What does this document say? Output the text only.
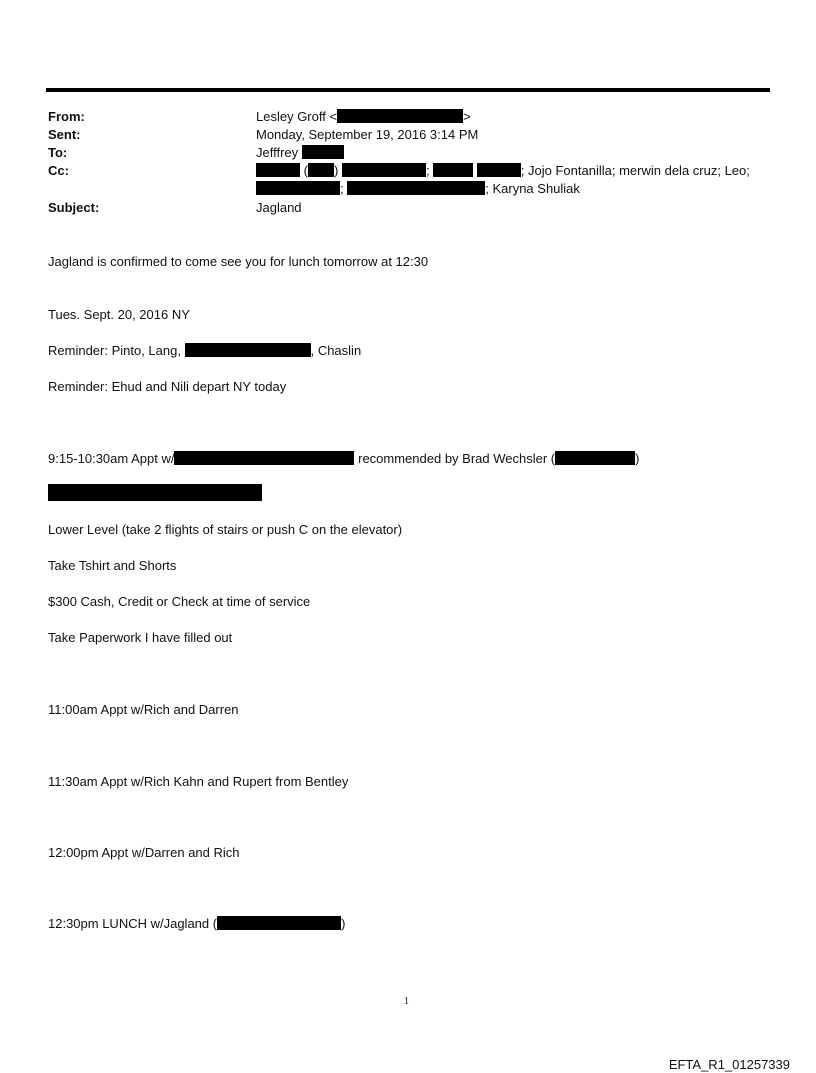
From:	Lesley Groff <	>
Sent:	Monday, September 19, 2016 3:14 PM
To:	Jefffrey
Cc:	( )	;	; Jojo Fontanilla; merwin dela cruz; Leo;
;	; Karyna Shuliak
Subject:	Jagland
Jagland is confirmed to come see you for lunch tomorrow at 12:30
Tues. Sept. 20, 2016 NY
Reminder: Pinto, Lang,	, Chaslin
Reminder: Ehud and Nili depart NY today
9:15-10:30am Appt w/	recommended by Brad Wechsler (	)
Lower Level (take 2 flights of stairs or push C on the elevator)
Take Tshirt and Shorts
$300 Cash, Credit or Check at time of service
Take Paperwork I have filled out
11:00am Appt w/Rich and Darren
11:30am Appt w/Rich Kahn and Rupert from Bentley
12:00pm Appt w/Darren and Rich
12:30pm LUNCH w/Jagland (	)
1
EFTA_R1_01257339
